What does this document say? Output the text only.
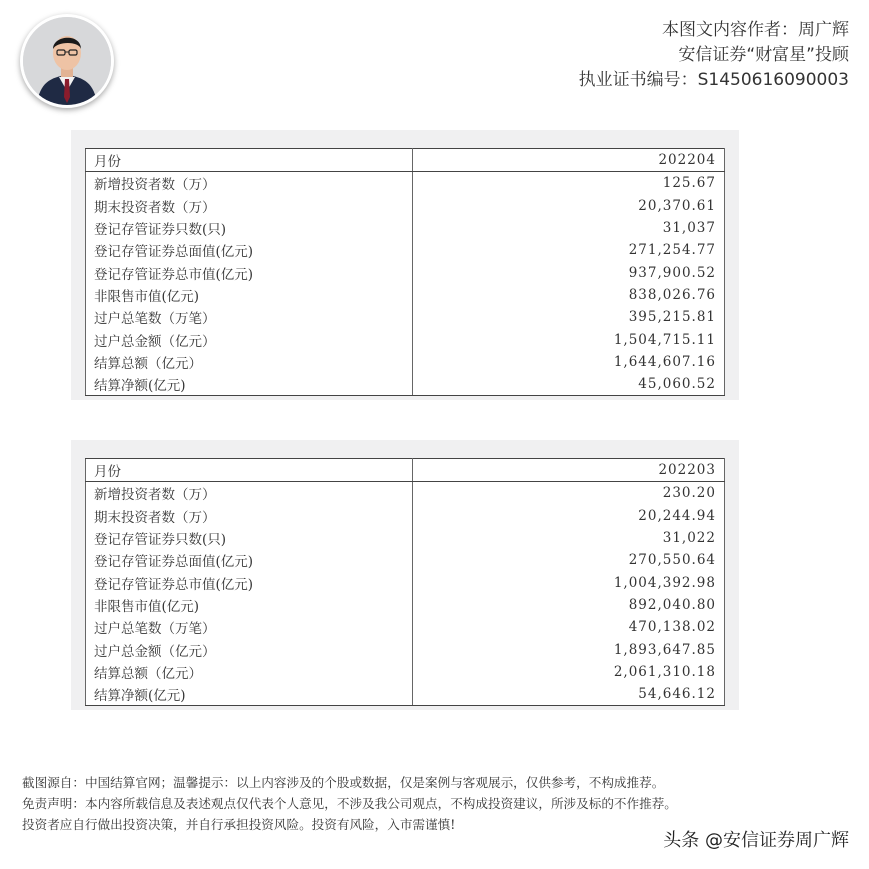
本图文内容作者：周广辉
安信证券“财富星”投顾
执业证书编号：S1450616090003
月份	202204
新增投资者数（万）	125.67
期末投资者数（万）	20,370.61
登记存管证券只数(只)	31,037
登记存管证券总面值(亿元)	271,254.77
登记存管证券总市值(亿元)	937,900.52
非限售市值(亿元)	838,026.76
过户总笔数（万笔）	395,215.81
过户总金额（亿元）	1,504,715.11
结算总额（亿元）	1,644,607.16
结算净额(亿元)	45,060.52
月份	202203
新增投资者数（万）	230.20
期末投资者数（万）	20,244.94
登记存管证券只数(只)	31,022
登记存管证券总面值(亿元)	270,550.64
登记存管证券总市值(亿元)	1,004,392.98
非限售市值(亿元)	892,040.80
过户总笔数（万笔）	470,138.02
过户总金额（亿元）	1,893,647.85
结算总额（亿元）	2,061,310.18
结算净额(亿元)	54,646.12
截图源自：中国结算官网；温馨提示：以上内容涉及的个股或数据，仅是案例与客观展示，仅供参考，不构成推荐。
免责声明：本内容所载信息及表述观点仅代表个人意见，不涉及我公司观点，不构成投资建议，所涉及标的不作推荐。
投资者应自行做出投资决策，并自行承担投资风险。投资有风险，入市需谨慎!
头条 @安信证券周广辉
